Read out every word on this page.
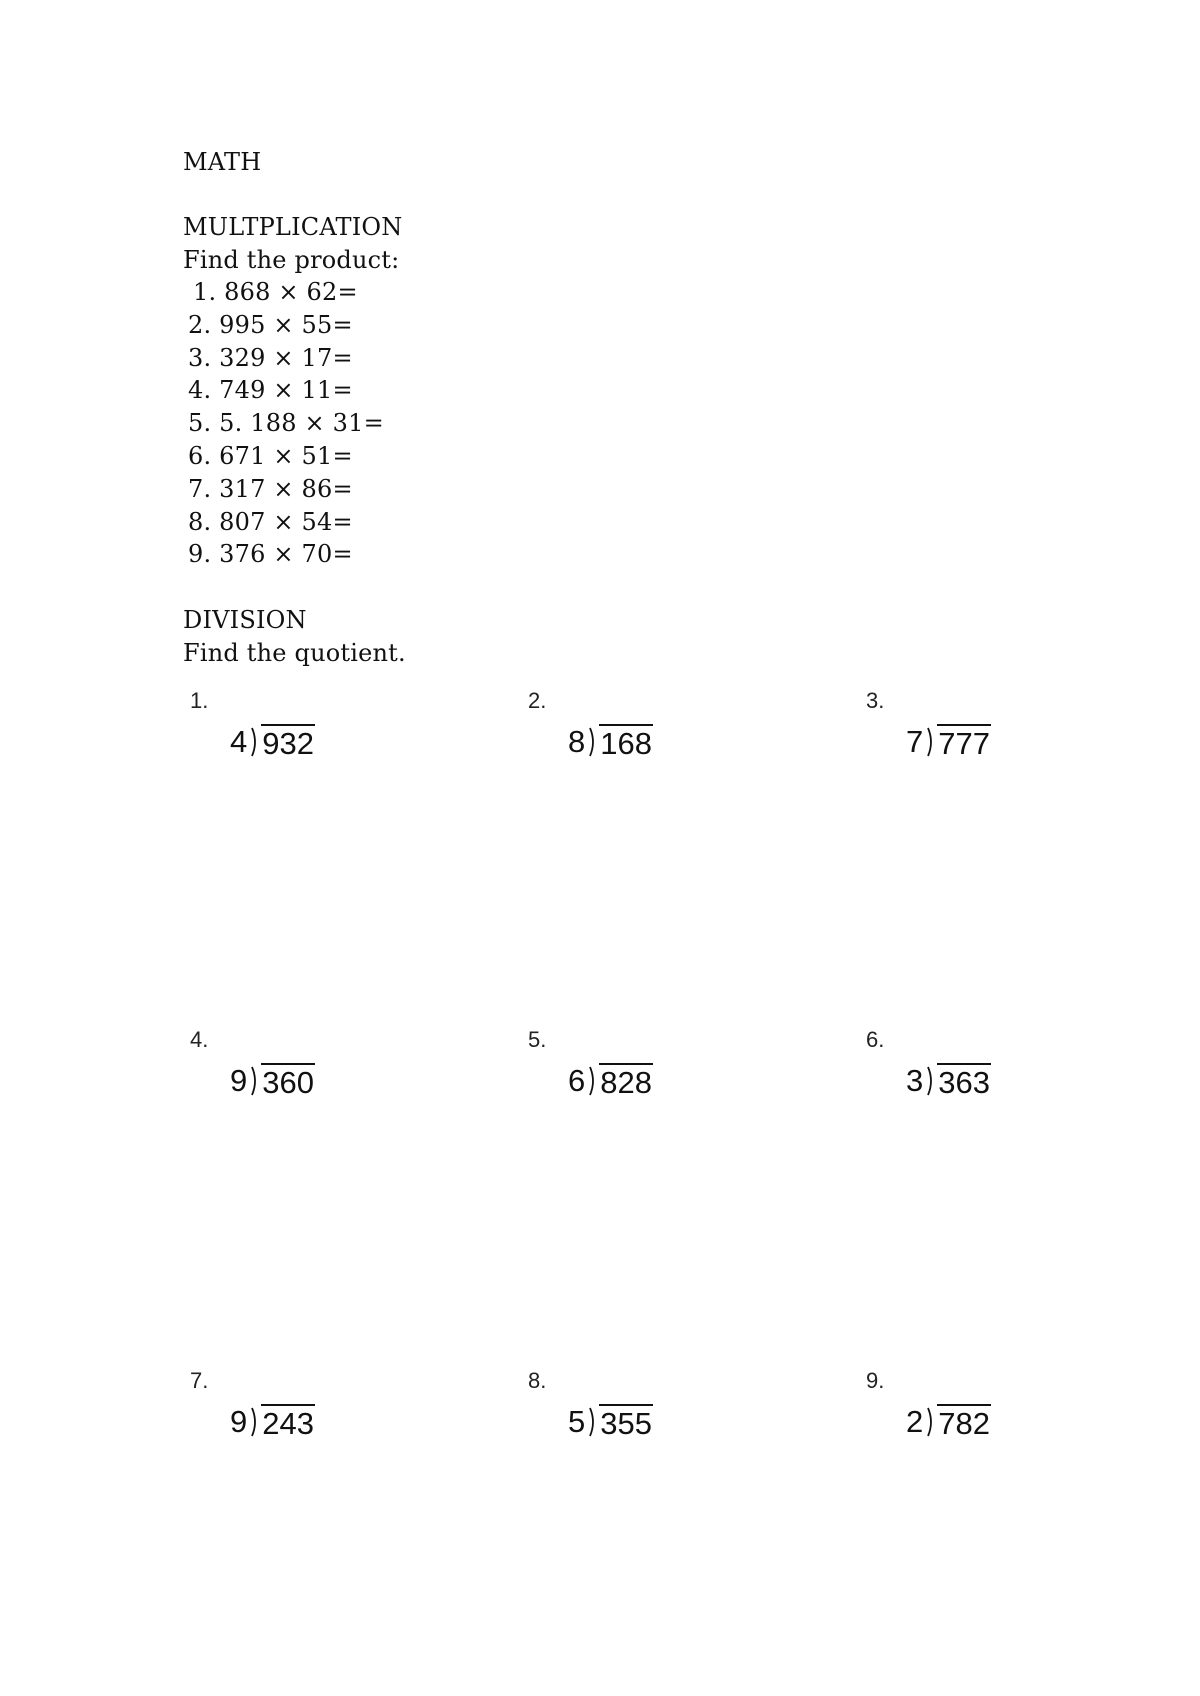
MATH
MULTPLICATION
Find the product:
1. 868 × 62=
2. 995 × 55=
3. 329 × 17=
4. 749 × 11=
5. 5. 188 × 31=
6. 671 × 51=
7. 317 × 86=
8. 807 × 54=
9. 376 × 70=
DIVISION
Find the quotient.
1.
4 932
2.
8 168
3.
7 777
4.
9 360
5.
6 828
6.
3 363
7.
9 243
8.
5 355
9.
2 782
